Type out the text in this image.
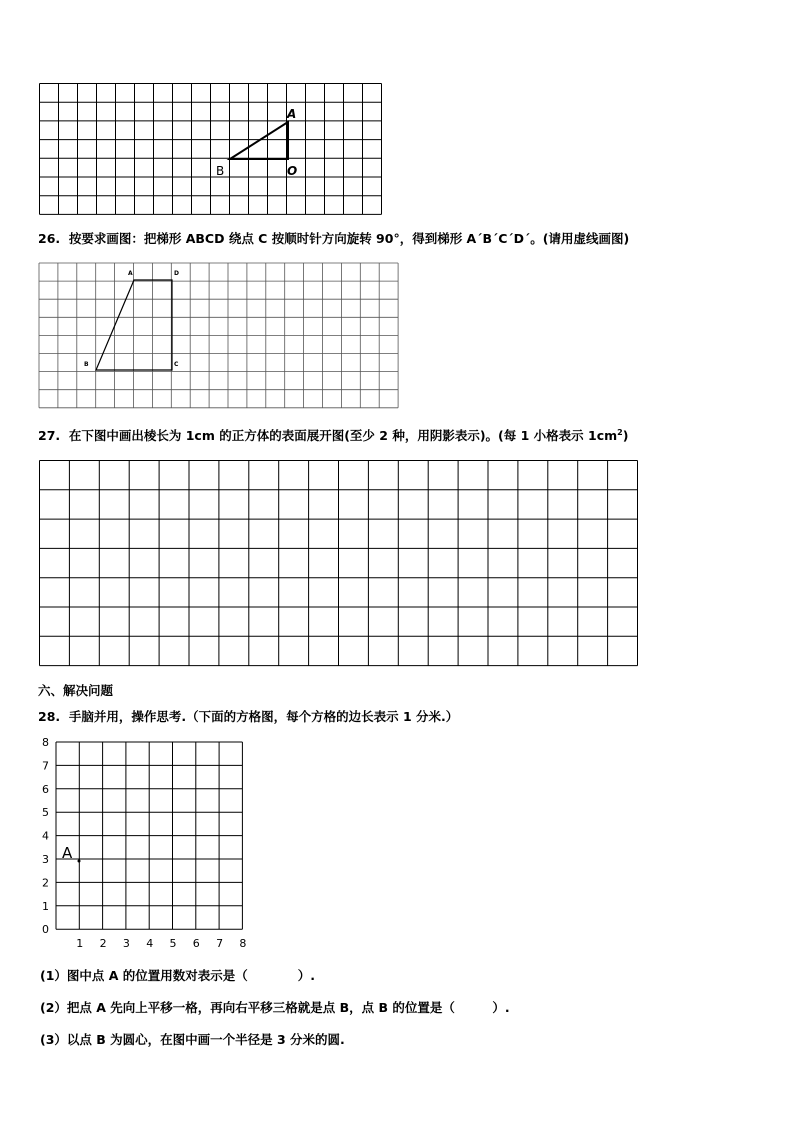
A
B	O
26. 按要求画图：把梯形 ABCD 绕点 C 按顺时针方向旋转 90°，得到梯形 A´B´C´D´。(请用虚线画图)
A	D
B	C
27. 在下图中画出棱长为 1cm 的正方体的表面展开图(至少 2 种，用阴影表示)。(每 1 小格表示 $1cm^2$)
六、解决问题
28. 手脑并用，操作思考.（下面的方格图，每个方格的边长表示 1 分米.）
0
1
2
3
4
5
6
7
8
1 2 3 4 5 6 7 8
A
(1）图中点 A 的位置用数对表示是（　　　　）.
(2）把点 A 先向上平移一格，再向右平移三格就是点 B，点 B 的位置是（　　　）.
(3）以点 B 为圆心，在图中画一个半径是 3 分米的圆.
